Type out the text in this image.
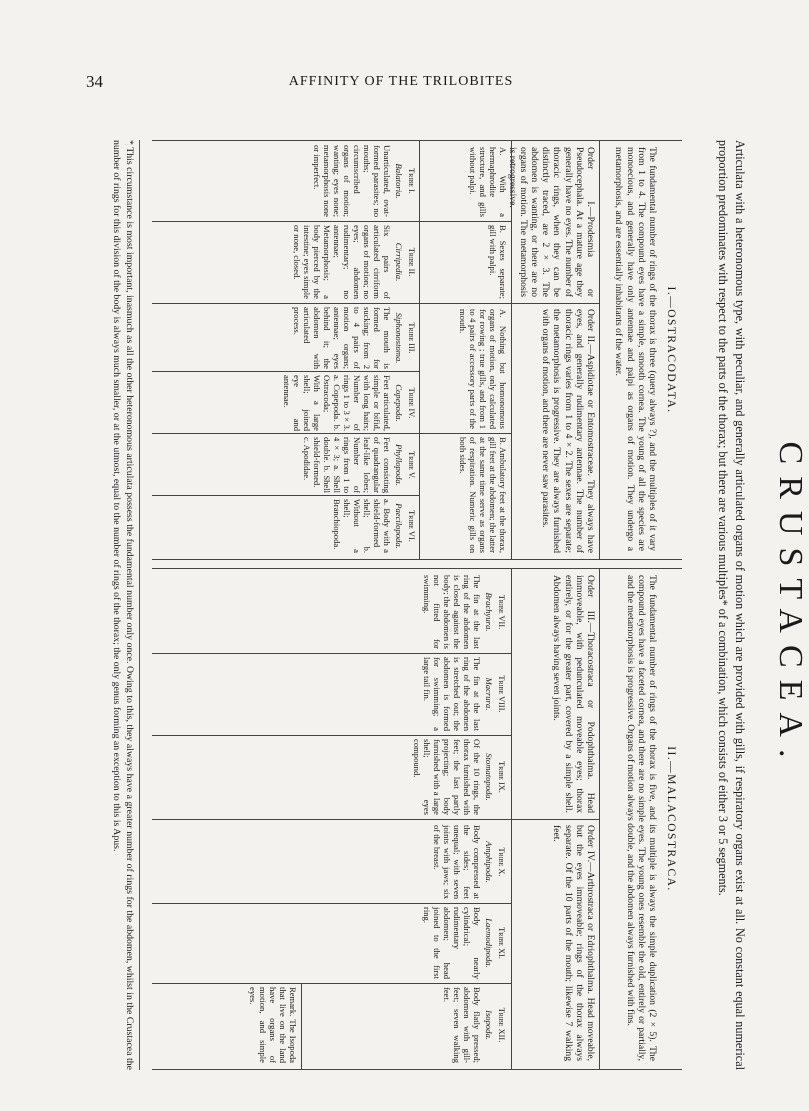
34	AFFINITY OF THE TRILOBITES
CRUSTACEA.
Articulata with a heteronomous type, with peculiar, and generally articulated organs of motion which are provided with gills, if respiratory organs exist at all. No constant equal numerical proportion predominates with respect to the parts of the thorax; but there are various multiples* of a combination, which consists of either 3 or 5 segments.
I.—OSTRACODATA.
The fundamental number of rings of the thorax is three (query always ?), and the multiples of it vary from 1 to 4. The compound eyes have a simple, smooth cornea. The young of all the species are monoecious, and generally have only antennae and palpi as organs of motion. They undergo a metamorphosis, and are essentially inhabitants of the water.
Order I.—Prodesmia or Pseudocephala. At a mature age they generally have no eyes. The number of thoracic rings, when they can be distinctly traced, are 2 × 3. The abdomen is wanting, or there are no organs of motion. The metamorphosis is retrogressive.
Order II.—Aspidiotae or Entomostraceae. They always have eyes, and generally rudimentary antennae. The number of thoracic rings varies from 1 to 4 × 2. The sexes are separate; the metamorphosis is progressive. They are always furnished with organs of motion, and there are never saw parasites.
A. With a hermaphrodite structure, and gills without palpi.
B. Sexes separate; gill with palpi.
A. Nothing but homonomous organs of motion, only calculated for rowing ; true gills, and from 1 to 4 pairs of accessory parts of the mouth.
B. Ambulatory feet at the thorax, gill feet at the abdomen; the latter at the same time serve as organs of respiration. Numeric gills on both sides.
Tribe I.
Balatoria.
Unarticulated, ovat-formed parasites; no mouths; circumscribed organs of motion; wanting; eyes none; metamorphosis none or imperfect.
Tribe II.
Cirripedia.
Six pairs of articulated cirriform organs of motion; no eyes; abdomen rudimentary; no antennae; Metamorphosis; a body pierced by the intestine; eyes simple or none, closed.
Tribe III.
Siphonostoma.
The mouth is formed for sucking; from 2 to 4 pairs of motion organs; antennae; eyes behind it; the abdomen with articulated process.
Tribe IV.
Copepoda.
Feet articulated, simple or bifid, with long hairs; Number of rings 1 to 3 × 3. a. Copepoda. b. Ostracoda; With a large shell; joined eye and antennae.
Tribe V.
Phyllopoda.
Feet consisting of quadrangular leaf-like lobes; Number of rings from 1 to 4 × 3; a. Shell double. b. Shell shield-formed. c. Apodidae.
Tribe VI.
Paecilopoda.
a. Body with a shield-formed shell; b. Without a shell; Branchiopoda.
II.—MALACOSTRACA.
The fundamental number of rings of the thorax is five, and its multiple is always the simple duplication (2 × 5). The compound eyes have a faceted cornea, and there are no simple eyes. The young ones resemble the old, entirely or partially, and the metamorphosis is progressive. Organs of motion always double, and the abdomen always furnished with fins.
Order III.—Thoracostraca or Podophthalma. Head immoveable, with pedunculated moveable eyes; thorax entirely, or for the greater part, covered by a simple shell. Abdomen always having seven joints.
Order IV.—Arthrostraca or Edriophthalma. Head moveable, but the eyes immoveable; rings of the thorax always separate. Of the 10 parts of the mouth; likewise 7 walking feet.
Tribe VII.
Brachyura.
The fin at the last ring of the abdomen is closed against the body; the abdomen is not fitted for swimming.
Tribe VIII.
Macrura.
The fin at the last ring of the abdomen is stretched out; the abdomen is formed for swimming; a large tail fin.
Tribe IX.
Stomatopoda.
Of the 10 rings, the thorax furnished with feet; the last partly projecting; body furnished with a large shell; eyes compound.
Tribe X.
Amphipoda.
Body compressed at the sides; feet unequal; with seven joints with jaws; six of the breast.
Tribe XI.
Laemodipoda.
Body nearly cylindrical; rudimentary abdomen; head joined to the first ring.
Tribe XII.
Isopoda.
Body flatly pressed; abdomen with gill-feet; seven walking feet.
Remark. The Isopoda that live on the land have organs of motion, and simple eyes.
* This circumstance is most important, inasmuch as all the other heteronomous articulata possess the fundamental number only once. Owing to this, they always have a greater number of rings for the abdomen, whilst in the Crustacea the number of rings for this division of the body is always much smaller, or at the utmost, equal to the number of rings of the thorax; the only genus forming an exception to this is Apus.
